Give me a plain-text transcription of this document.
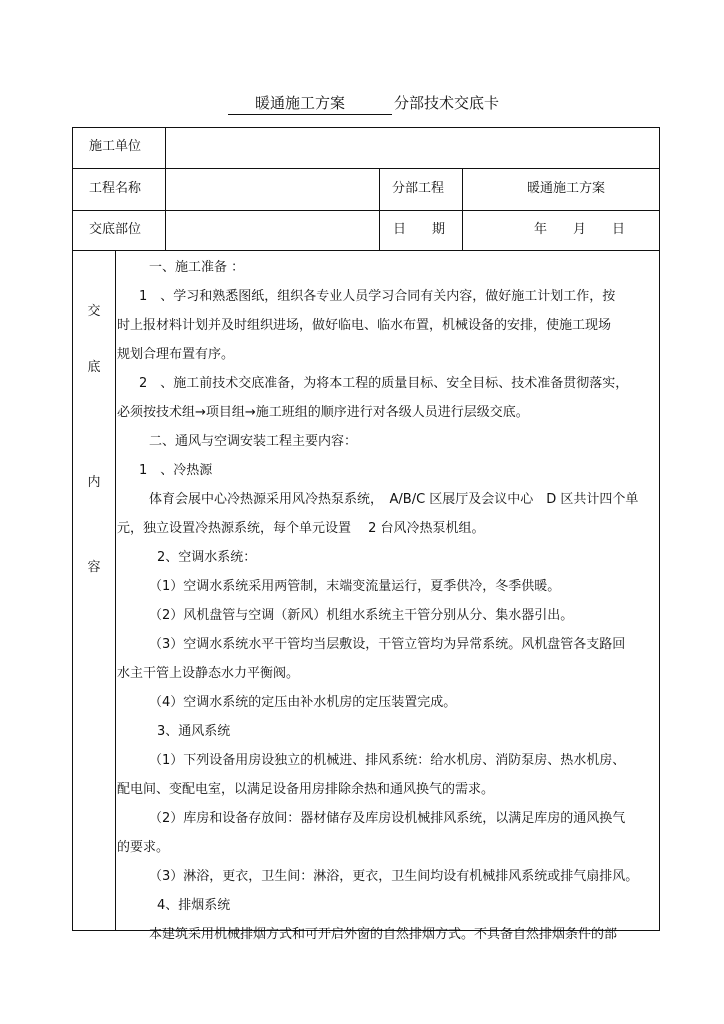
暖通施工方案	分部技术交底卡
施工单位
工程名称	分部工程	暖通施工方案
交底部位	日　　期	年　　月　　日
交
底
内
容

一、施工准备 ：

1　、学习和熟悉图纸，组织各专业人员学习合同有关内容，做好施工计划工作，按

时上报材料计划并及时组织进场，做好临电、临水布置，机械设备的安排，使施工现场

规划合理布置有序。

2　、施工前技术交底准备，为将本工程的质量目标、安全目标、技术准备贯彻落实，

必须按技术组→项目组→施工班组的顺序进行对各级人员进行层级交底。

二、通风与空调安装工程主要内容：

1　、冷热源

体育会展中心冷热源采用风冷热泵系统，　A/B/C 区展厅及会议中心　D 区共计四个单

元，独立设置冷热源系统，每个单元设置　 2 台风冷热泵机组。

2、空调水系统：

（1）空调水系统采用两管制，末端变流量运行，夏季供冷，冬季供暖。

（2）风机盘管与空调（新风）机组水系统主干管分别从分、集水器引出。

（3）空调水系统水平干管均当层敷设，干管立管均为异常系统。风机盘管各支路回

水主干管上设静态水力平衡阀。

（4）空调水系统的定压由补水机房的定压装置完成。

3、通风系统

（1）下列设备用房设独立的机械进、排风系统：给水机房、消防泵房、热水机房、

配电间、变配电室，以满足设备用房排除余热和通风换气的需求。

（2）库房和设备存放间：器材储存及库房设机械排风系统，以满足库房的通风换气

的要求。

（3）淋浴，更衣，卫生间：淋浴，更衣，卫生间均设有机械排风系统或排气扇排风。

4、排烟系统

本建筑采用机械排烟方式和可开启外窗的自然排烟方式。不具备自然排烟条件的部
